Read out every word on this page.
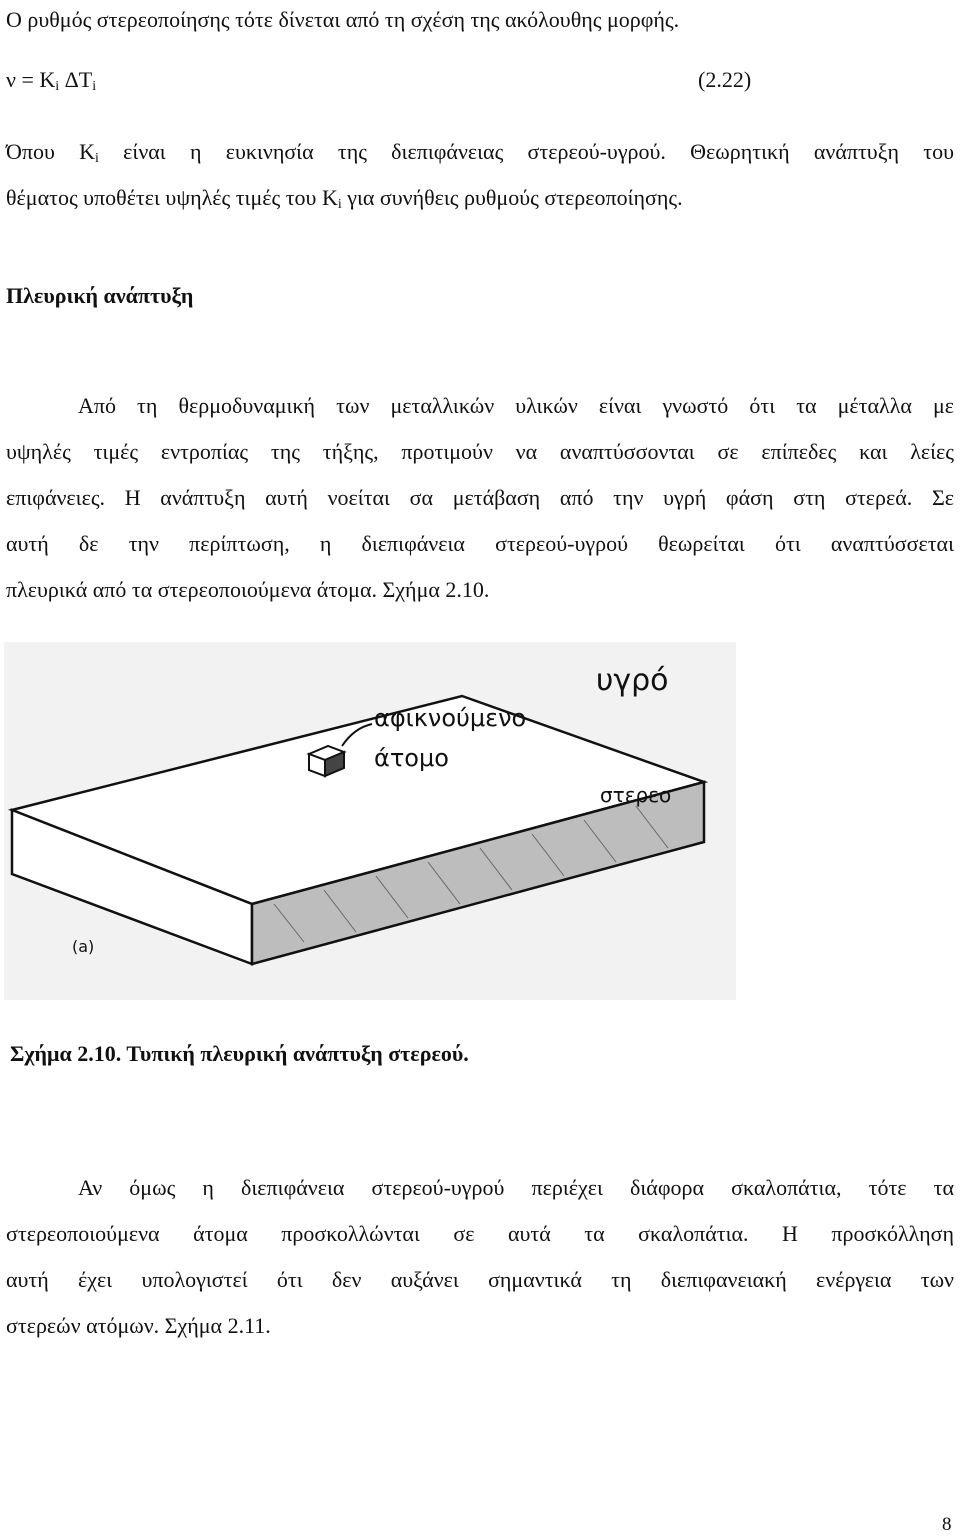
Ο ρυθμός στερεοποίησης τότε δίνεται από τη σχέση της ακόλουθης μορφής.
$\nu = K_i$ $\Delta T_i$	(2.22)
Όπου $K_i$ είναι η ευκινησία της διεπιφάνειας στερεού-υγρού. Θεωρητική ανάπτυξη του
θέματος υποθέτει υψηλές τιμές του $K_i$ για συνήθεις ρυθμούς στερεοποίησης.
Πλευρική ανάπτυξη
Από τη θερμοδυναμική των μεταλλικών υλικών είναι γνωστό ότι τα μέταλλα με
υψηλές τιμές εντροπίας της τήξης, προτιμούν να αναπτύσσονται σε επίπεδες και λείες
επιφάνειες. Η ανάπτυξη αυτή νοείται σα μετάβαση από την υγρή φάση στη στερεά. Σε
αυτή δε την περίπτωση, η διεπιφάνεια στερεού-υγρού θεωρείται ότι αναπτύσσεται
πλευρικά από τα στερεοποιούμενα άτομα. Σχήμα 2.10.
υγρό
αφικνούμενο
άτομο
στερεο
(a)
Σχήμα 2.10. Τυπική πλευρική ανάπτυξη στερεού.
Αν όμως η διεπιφάνεια στερεού-υγρού περιέχει διάφορα σκαλοπάτια, τότε τα
στερεοποιούμενα άτομα προσκολλώνται σε αυτά τα σκαλοπάτια. Η προσκόλληση
αυτή έχει υπολογιστεί ότι δεν αυξάνει σημαντικά τη διεπιφανειακή ενέργεια των
στερεών ατόμων. Σχήμα 2.11.
8
